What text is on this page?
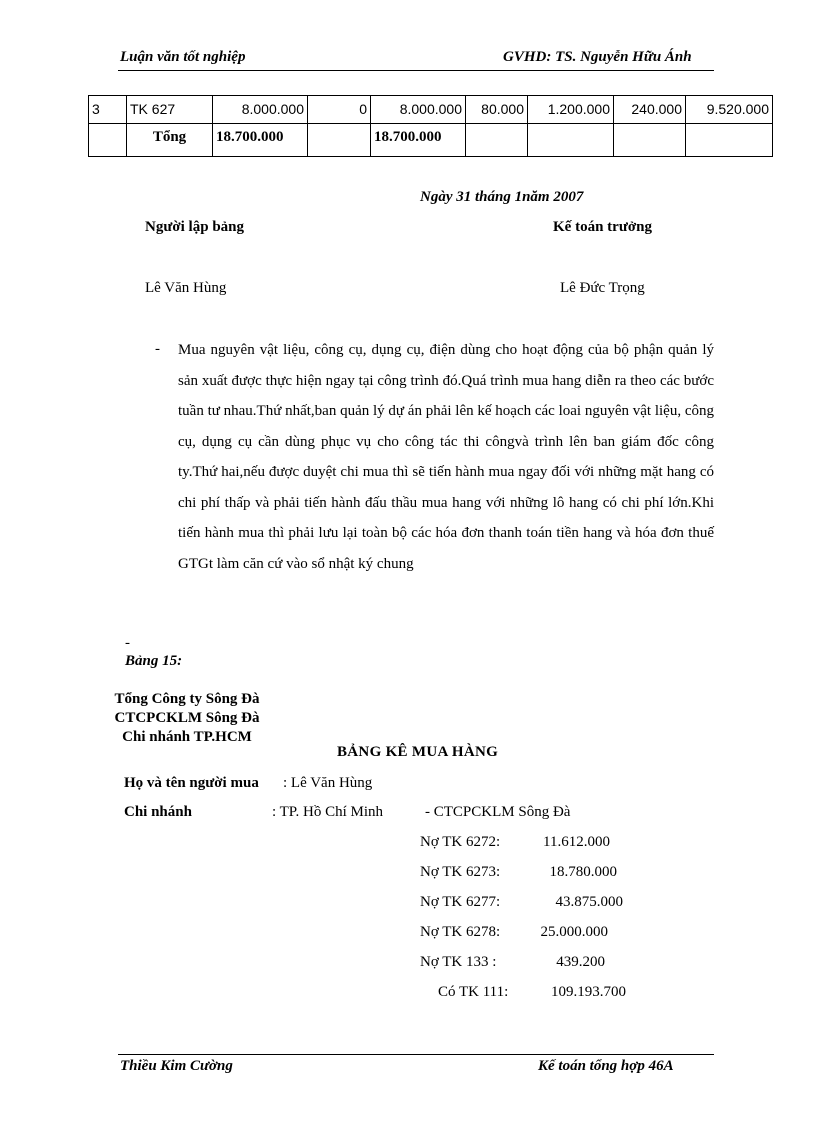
Luận văn tốt nghiệp	GVHD: TS. Nguyễn Hữu Ánh
3	TK 627	8.000.000	0	8.000.000	80.000	1.200.000	240.000	9.520.000
	Tổng	18.700.000		18.700.000				
Ngày 31 tháng 1năm 2007
Người lập bảng	Kế toán trưởng
Lê Văn Hùng	Lê Đức Trọng
- Mua nguyên vật liệu, công cụ, dụng cụ, điện dùng cho hoạt động của bộ phận quản lý sản xuất được thực hiện ngay tại công trình đó.Quá trình mua hang diễn ra theo các bước tuần tư nhau.Thứ nhất,ban quản lý dự án phải lên kế hoạch các loai nguyên vật liệu, công cụ, dụng cụ cần dùng phục vụ cho công tác thi côngvà trình lên ban giám đốc công ty.Thứ hai,nếu được duyệt chi mua thì sẽ tiến hành mua ngay đối với những mặt hang có chi phí thấp và phải tiến hành đấu thầu mua hang với những lô hang có chi phí lớn.Khi tiến hành mua thì phải lưu lại toàn bộ các hóa đơn thanh toán tiền hang và hóa đơn thuế GTGt làm căn cứ vào sổ nhật ký chung
-
Bảng 15:
Tổng Công ty Sông Đà
CTCPCKLM Sông Đà
Chi nhánh TP.HCM
BẢNG KÊ MUA HÀNG
Họ và tên người mua : Lê Văn Hùng
Chi nhánh	: TP. Hồ Chí Minh	- CTCPCKLM Sông Đà
Nợ TK 6272:	11.612.000
Nợ TK 6273:	18.780.000
Nợ TK 6277:	43.875.000
Nợ TK 6278:	25.000.000
Nợ TK 133 :	439.200
Có TK 111:	109.193.700
Thiều Kim Cường	Kế toán tổng hợp 46A
